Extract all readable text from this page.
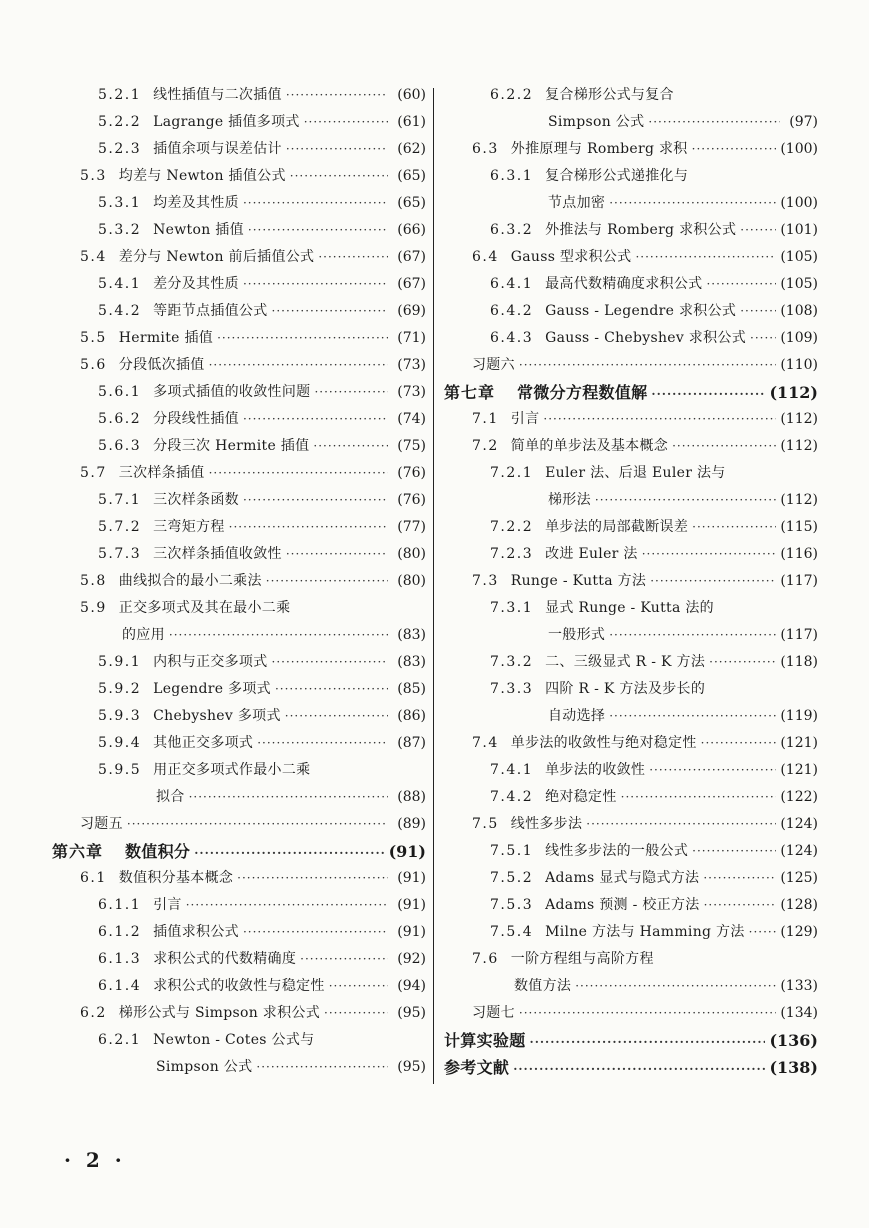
5.2.1 线性插值与二次插值 ·····	(60)
5.2.2 Lagrange 插值多项式 ·····	(61)
5.2.3 插值余项与误差估计 ·····	(62)
5.3 均差与 Newton 插值公式 ·····	(65)
5.3.1 均差及其性质 ·····	(65)
5.3.2 Newton 插值 ·····	(66)
5.4 差分与 Newton 前后插值公式 ·····	(67)
5.4.1 差分及其性质 ·····	(67)
5.4.2 等距节点插值公式 ·····	(69)
5.5 Hermite 插值 ·····	(71)
5.6 分段低次插值 ·····	(73)
5.6.1 多项式插值的收敛性问题 ·····	(73)
5.6.2 分段线性插值 ·····	(74)
5.6.3 分段三次 Hermite 插值 ·····	(75)
5.7 三次样条插值 ·····	(76)
5.7.1 三次样条函数 ·····	(76)
5.7.2 三弯矩方程 ·····	(77)
5.7.3 三次样条插值收敛性 ·····	(80)
5.8 曲线拟合的最小二乘法 ·····	(80)
5.9 正交多项式及其在最小二乘
的应用 ·····	(83)
5.9.1 内积与正交多项式 ·····	(83)
5.9.2 Legendre 多项式 ·····	(85)
5.9.3 Chebyshev 多项式 ·····	(86)
5.9.4 其他正交多项式 ·····	(87)
5.9.5 用正交多项式作最小二乘
拟合 ·····	(88)
习题五 ·····	(89)
第六章 数值积分 ·····	(91)
6.1 数值积分基本概念 ·····	(91)
6.1.1 引言 ·····	(91)
6.1.2 插值求积公式 ·····	(91)
6.1.3 求积公式的代数精确度 ·····	(92)
6.1.4 求积公式的收敛性与稳定性 ·····	(94)
6.2 梯形公式与 Simpson 求积公式 ·····	(95)
6.2.1 Newton - Cotes 公式与
Simpson 公式 ·····	(95)
6.2.2 复合梯形公式与复合
Simpson 公式 ·····	(97)
6.3 外推原理与 Romberg 求积 ·····	(100)
6.3.1 复合梯形公式递推化与
节点加密 ·····	(100)
6.3.2 外推法与 Romberg 求积公式 ·····	(101)
6.4 Gauss 型求积公式 ·····	(105)
6.4.1 最高代数精确度求积公式 ·····	(105)
6.4.2 Gauss - Legendre 求积公式 ·····	(108)
6.4.3 Gauss - Chebyshev 求积公式 ····· (109)
习题六 ·····	(110)
第七章 常微分方程数值解 ·····	(112)
7.1 引言 ·····	(112)
7.2 简单的单步法及基本概念 ·····	(112)
7.2.1 Euler 法、后退 Euler 法与
梯形法 ·····	(112)
7.2.2 单步法的局部截断误差 ·····	(115)
7.2.3 改进 Euler 法 ·····	(116)
7.3 Runge - Kutta 方法 ·····	(117)
7.3.1 显式 Runge - Kutta 法的
一般形式 ·····	(117)
7.3.2 二、三级显式 R - K 方法 ·····	(118)
7.3.3 四阶 R - K 方法及步长的
自动选择 ·····	(119)
7.4 单步法的收敛性与绝对稳定性 ·····	(121)
7.4.1 单步法的收敛性 ·····	(121)
7.4.2 绝对稳定性 ·····	(122)
7.5 线性多步法 ·····	(124)
7.5.1 线性多步法的一般公式 ·····	(124)
7.5.2 Adams 显式与隐式方法 ·····	(125)
7.5.3 Adams 预测 - 校正方法 ·····	(128)
7.5.4 Milne 方法与 Hamming 方法 ·····	(129)
7.6 一阶方程组与高阶方程
数值方法 ·····	(133)
习题七 ·····	(134)
计算实验题 ·····	(136)
参考文献 ·····	(138)
· 2 ·
